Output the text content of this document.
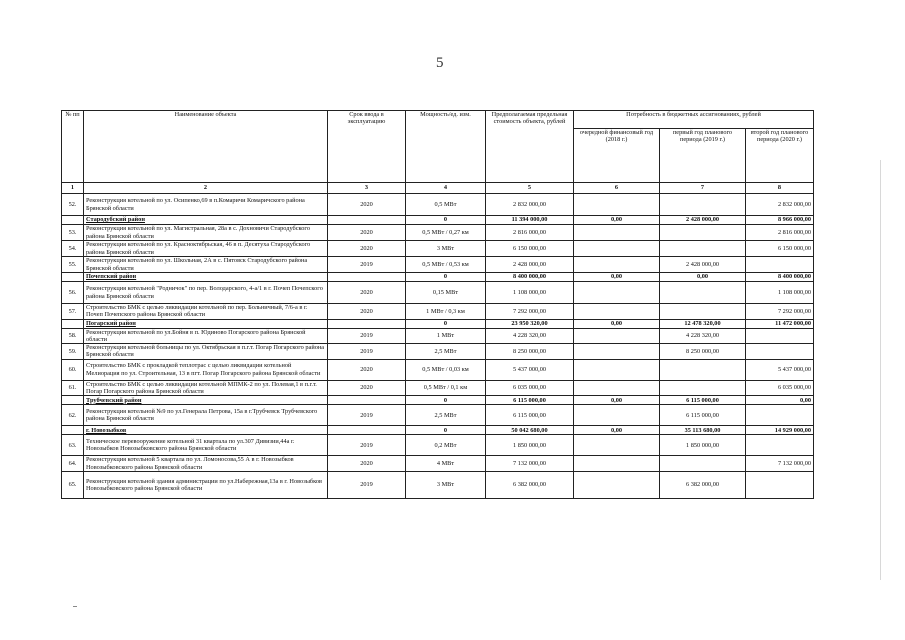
5
№ пп	Наименование объекта	Срок ввода в эксплуатацию	Мощность/ед. изм.	Предполагаемая предельная стоимость объекта, рублей	Потребность в бюджетных ассигнованиях, рублей		
					очередной финансовый год (2018 г.)	первый год планового периода (2019 г.)	второй год планового периода (2020 г.)
1	2	3	4	5	6	7	8
52.	Реконструкция котельной по ул. Осипенко,69 в п.Комаричи Комаричского района Брянской области	2020	0,5 МВт	2 832 000,00			2 832 000,00
	Стародубский район		0	11 394 000,00	0,00	2 428 000,00	8 966 000,00
53.	Реконструкция котельной по ул. Магистральная, 28а в с. Дохновичи Стародубского района Брянской области	2020	0,5 МВт / 0,27 км	2 816 000,00			2 816 000,00
54.	Реконструкция котельной по ул. Красноктябрьская, 46 в п. Десятуха Стародубского района Брянской области	2020	3 МВт	6 150 000,00			6 150 000,00
55.	Реконструкция котельной по ул. Школьная, 2А в с. Пятовск Стародубского района Брянской области	2019	0,5 МВт / 0,53 км	2 428 000,00		2 428 000,00	
	Почепский район		0	8 400 000,00	0,00	0,00	8 400 000,00
56.	Реконструкция котельной "Родничок" по пер. Володарского, 4-а/1 в г. Почеп Почепского района Брянской области	2020	0,15 МВт	1 108 000,00			1 108 000,00
57.	Строительство БМК с целью ликвидации котельной по пер. Больничный, 7/6-а в г. Почеп Почепского района Брянской области	2020	1 МВт / 0,3 км	7 292 000,00			7 292 000,00
	Погарский район		0	23 950 320,00	0,00	12 478 320,00	11 472 000,00
58.	Реконструкция котельной по ул.Бойня в п. Юдиново Погарского района Брянской области	2019	1 МВт	4 228 320,00		4 228 320,00	
59.	Реконструкция котельной больницы по ул. Октябрьская в п.г.т. Погар Погарского района Брянской области	2019	2,5 МВт	8 250 000,00		8 250 000,00	
60.	Строительство БМК с прокладкой теплотрас с целью ликвидации котельной Мелиорация по ул. Строительная, 13 в пгт. Погар Погарского района Брянской области	2020	0,5 МВт / 0,03 км	5 437 000,00			5 437 000,00
61.	Строительство БМК с целью ликвидации котельной МПМК-2 по ул. Полевая,1 в п.г.т. Погар Погарского района Брянской области	2020	0,5 МВт / 0,1 км	6 035 000,00			6 035 000,00
	Трубчевский район		0	6 115 000,00	0,00	6 115 000,00	0,00
62.	Реконструкция котельной №9 по ул.Генерала Петрова, 15а в г.Трубчевск Трубчевского района Брянской области	2019	2,5 МВт	6 115 000,00		6 115 000,00	
	г. Новозыбков		0	50 042 680,00	0,00	35 113 680,00	14 929 000,00
63.	Техническое перевооружение котельной 31 квартала по ул.307 Дивизии,44а г. Новозыбков Новозыбковского района Брянской области	2019	0,2 МВт	1 850 000,00		1 850 000,00	
64.	Реконструкция котельной 5 квартала по ул. Ломоносова,55 А в г. Новозыбков Новозыбковского района Брянской области	2020	4 МВт	7 132 000,00			7 132 000,00
65.	Реконструкция котельной здания администрации по ул.Набережная,13а в г. Новозыбков Новозыбковского района Брянской области	2019	3 МВт	6 382 000,00		6 382 000,00	
